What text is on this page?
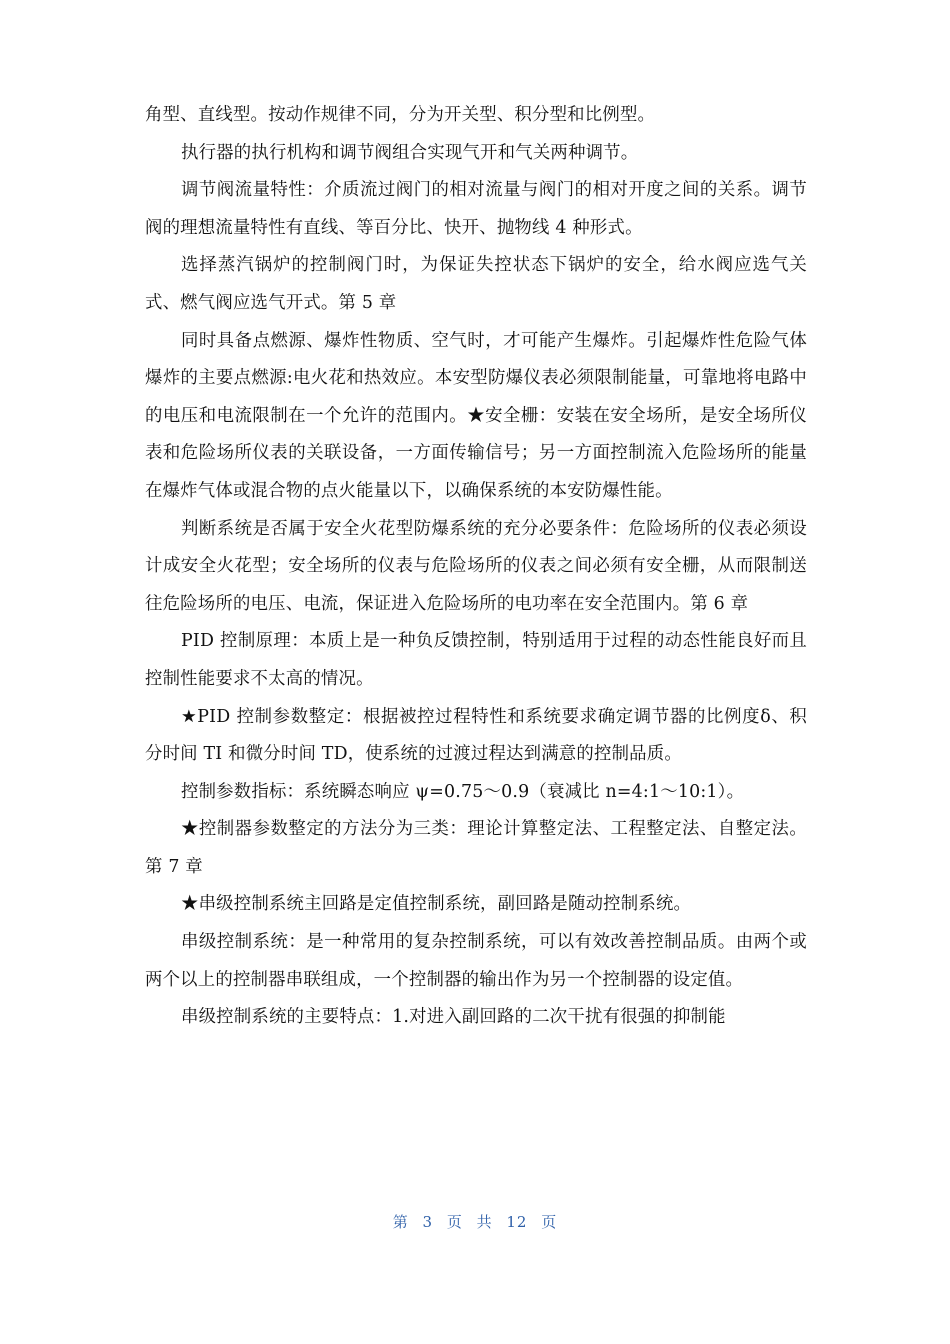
角型、直线型。按动作规律不同，分为开关型、积分型和比例型。

执行器的执行机构和调节阀组合实现气开和气关两种调节。

调节阀流量特性：介质流过阀门的相对流量与阀门的相对开度之间的关系。调节阀的理想流量特性有直线、等百分比、快开、抛物线 4 种形式。

选择蒸汽锅炉的控制阀门时，为保证失控状态下锅炉的安全，给水阀应选气关式、燃气阀应选气开式。第 5 章

同时具备点燃源、爆炸性物质、空气时，才可能产生爆炸。引起爆炸性危险气体爆炸的主要点燃源:电火花和热效应。本安型防爆仪表必须限制能量，可靠地将电路中的电压和电流限制在一个允许的范围内。★安全栅：安装在安全场所，是安全场所仪表和危险场所仪表的关联设备，一方面传输信号；另一方面控制流入危险场所的能量在爆炸气体或混合物的点火能量以下，以确保系统的本安防爆性能。

判断系统是否属于安全火花型防爆系统的充分必要条件：危险场所的仪表必须设计成安全火花型；安全场所的仪表与危险场所的仪表之间必须有安全栅，从而限制送往危险场所的电压、电流，保证进入危险场所的电功率在安全范围内。第 6 章

PID 控制原理：本质上是一种负反馈控制，特别适用于过程的动态性能良好而且控制性能要求不太高的情况。

★PID 控制参数整定：根据被控过程特性和系统要求确定调节器的比例度δ、积分时间 TI 和微分时间 TD，使系统的过渡过程达到满意的控制品质。

控制参数指标：系统瞬态响应 ψ=0.75～0.9（衰减比 n=4:1～10:1）。

★控制器参数整定的方法分为三类：理论计算整定法、工程整定法、自整定法。第 7 章

★串级控制系统主回路是定值控制系统，副回路是随动控制系统。

串级控制系统：是一种常用的复杂控制系统，可以有效改善控制品质。由两个或两个以上的控制器串联组成，一个控制器的输出作为另一个控制器的设定值。

串级控制系统的主要特点：1.对进入副回路的二次干扰有很强的抑制能

第 3 页 共 12 页
